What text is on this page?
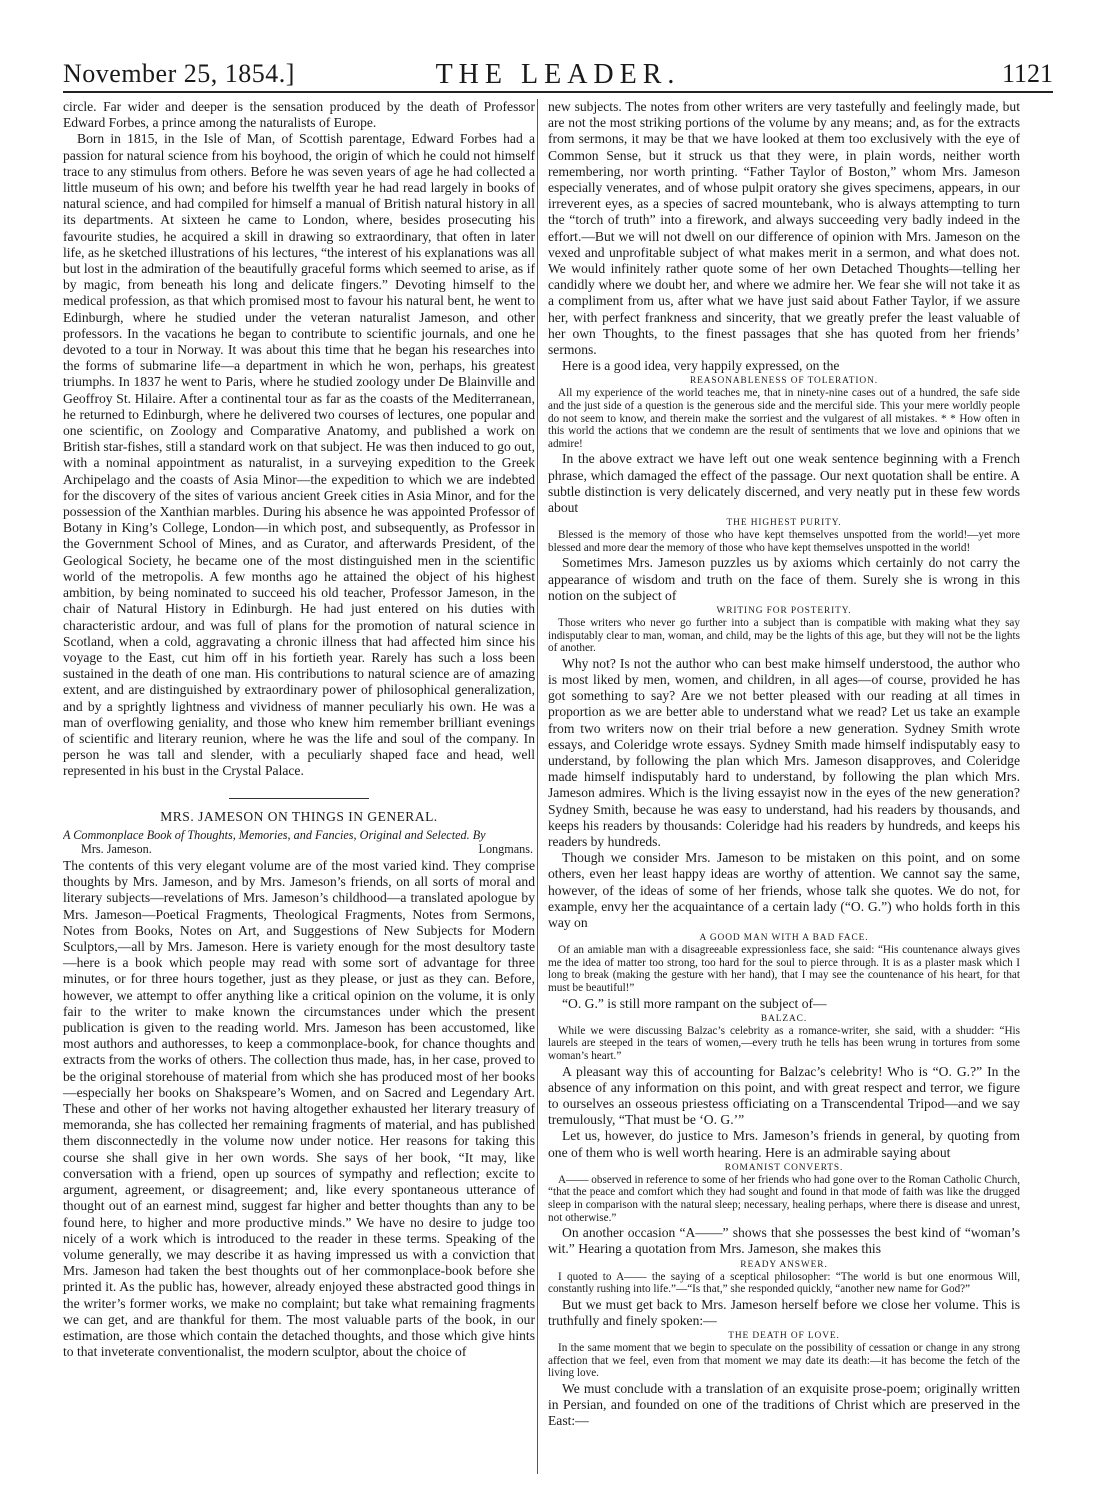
November 25, 1854.]	THE LEADER.	1121

circle. Far wider and deeper is the sensation produced by the death of Professor Edward Forbes, a prince among the naturalists of Europe.

Born in 1815, in the Isle of Man, of Scottish parentage, Edward Forbes had a passion for natural science from his boyhood, the origin of which he could not himself trace to any stimulus from others. Before he was seven years of age he had collected a little museum of his own; and before his twelfth year he had read largely in books of natural science, and had compiled for himself a manual of British natural history in all its departments. At sixteen he came to London, where, besides prosecuting his favourite studies, he acquired a skill in drawing so extraordinary, that often in later life, as he sketched illustrations of his lectures, “the interest of his explanations was all but lost in the admiration of the beautifully graceful forms which seemed to arise, as if by magic, from beneath his long and delicate fingers.” Devoting himself to the medical profession, as that which promised most to favour his natural bent, he went to Edinburgh, where he studied under the veteran naturalist Jameson, and other professors. In the vacations he began to contribute to scientific journals, and one he devoted to a tour in Norway. It was about this time that he began his researches into the forms of submarine life—a department in which he won, perhaps, his greatest triumphs. In 1837 he went to Paris, where he studied zoology under De Blainville and Geoffroy St. Hilaire. After a continental tour as far as the coasts of the Mediterranean, he returned to Edinburgh, where he delivered two courses of lectures, one popular and one scientific, on Zoology and Comparative Anatomy, and published a work on British star-fishes, still a standard work on that subject. He was then induced to go out, with a nominal appointment as naturalist, in a surveying expedition to the Greek Archipelago and the coasts of Asia Minor—the expedition to which we are indebted for the discovery of the sites of various ancient Greek cities in Asia Minor, and for the possession of the Xanthian marbles. During his absence he was appointed Professor of Botany in King’s College, London—in which post, and subsequently, as Professor in the Government School of Mines, and as Curator, and afterwards President, of the Geological Society, he became one of the most distinguished men in the scientific world of the metropolis. A few months ago he attained the object of his highest ambition, by being nominated to succeed his old teacher, Professor Jameson, in the chair of Natural History in Edinburgh. He had just entered on his duties with characteristic ardour, and was full of plans for the promotion of natural science in Scotland, when a cold, aggravating a chronic illness that had affected him since his voyage to the East, cut him off in his fortieth year. Rarely has such a loss been sustained in the death of one man. His contributions to natural science are of amazing extent, and are distinguished by extraordinary power of philosophical generalization, and by a sprightly lightness and vividness of manner peculiarly his own. He was a man of overflowing geniality, and those who knew him remember brilliant evenings of scientific and literary reunion, where he was the life and soul of the company. In person he was tall and slender, with a peculiarly shaped face and head, well represented in his bust in the Crystal Palace.

MRS. JAMESON ON THINGS IN GENERAL.
A Commonplace Book of Thoughts, Memories, and Fancies, Original and Selected. By
Mrs. Jameson.	Longmans.

The contents of this very elegant volume are of the most varied kind. They comprise thoughts by Mrs. Jameson, and by Mrs. Jameson’s friends, on all sorts of moral and literary subjects—revelations of Mrs. Jameson’s childhood—a translated apologue by Mrs. Jameson—Poetical Fragments, Theological Fragments, Notes from Sermons, Notes from Books, Notes on Art, and Suggestions of New Subjects for Modern Sculptors,—all by Mrs. Jameson. Here is variety enough for the most desultory taste—here is a book which people may read with some sort of advantage for three minutes, or for three hours together, just as they please, or just as they can. Before, however, we attempt to offer anything like a critical opinion on the volume, it is only fair to the writer to make known the circumstances under which the present publication is given to the reading world. Mrs. Jameson has been accustomed, like most authors and authoresses, to keep a commonplace-book, for chance thoughts and extracts from the works of others. The collection thus made, has, in her case, proved to be the original storehouse of material from which she has produced most of her books—especially her books on Shakspeare’s Women, and on Sacred and Legendary Art. These and other of her works not having altogether exhausted her literary treasury of memoranda, she has collected her remaining fragments of material, and has published them disconnectedly in the volume now under notice. Her reasons for taking this course she shall give in her own words. She says of her book, “It may, like conversation with a friend, open up sources of sympathy and reflection; excite to argument, agreement, or disagreement; and, like every spontaneous utterance of thought out of an earnest mind, suggest far higher and better thoughts than any to be found here, to higher and more productive minds.” We have no desire to judge too nicely of a work which is introduced to the reader in these terms. Speaking of the volume generally, we may describe it as having impressed us with a conviction that Mrs. Jameson had taken the best thoughts out of her commonplace-book before she printed it. As the public has, however, already enjoyed these abstracted good things in the writer’s former works, we make no complaint; but take what remaining fragments we can get, and are thankful for them. The most valuable parts of the book, in our estimation, are those which contain the detached thoughts, and those which give hints to that inveterate conventionalist, the modern sculptor, about the choice of

new subjects. The notes from other writers are very tastefully and feelingly made, but are not the most striking portions of the volume by any means; and, as for the extracts from sermons, it may be that we have looked at them too exclusively with the eye of Common Sense, but it struck us that they were, in plain words, neither worth remembering, nor worth printing. “Father Taylor of Boston,” whom Mrs. Jameson especially venerates, and of whose pulpit oratory she gives specimens, appears, in our irreverent eyes, as a species of sacred mountebank, who is always attempting to turn the “torch of truth” into a firework, and always succeeding very badly indeed in the effort.—But we will not dwell on our difference of opinion with Mrs. Jameson on the vexed and unprofitable subject of what makes merit in a sermon, and what does not. We would infinitely rather quote some of her own Detached Thoughts—telling her candidly where we doubt her, and where we admire her. We fear she will not take it as a compliment from us, after what we have just said about Father Taylor, if we assure her, with perfect frankness and sincerity, that we greatly prefer the least valuable of her own Thoughts, to the finest passages that she has quoted from her friends’ sermons.

Here is a good idea, very happily expressed, on the

REASONABLENESS OF TOLERATION.

All my experience of the world teaches me, that in ninety-nine cases out of a hundred, the safe side and the just side of a question is the generous side and the merciful side. This your mere worldly people do not seem to know, and therein make the sorriest and the vulgarest of all mistakes. * * How often in this world the actions that we condemn are the result of sentiments that we love and opinions that we admire!

In the above extract we have left out one weak sentence beginning with a French phrase, which damaged the effect of the passage. Our next quotation shall be entire. A subtle distinction is very delicately discerned, and very neatly put in these few words about

THE HIGHEST PURITY.

Blessed is the memory of those who have kept themselves unspotted from the world!—yet more blessed and more dear the memory of those who have kept themselves unspotted in the world!

Sometimes Mrs. Jameson puzzles us by axioms which certainly do not carry the appearance of wisdom and truth on the face of them. Surely she is wrong in this notion on the subject of

WRITING FOR POSTERITY.

Those writers who never go further into a subject than is compatible with making what they say indisputably clear to man, woman, and child, may be the lights of this age, but they will not be the lights of another.

Why not? Is not the author who can best make himself understood, the author who is most liked by men, women, and children, in all ages—of course, provided he has got something to say? Are we not better pleased with our reading at all times in proportion as we are better able to understand what we read? Let us take an example from two writers now on their trial before a new generation. Sydney Smith wrote essays, and Coleridge wrote essays. Sydney Smith made himself indisputably easy to understand, by following the plan which Mrs. Jameson disapproves, and Coleridge made himself indisputably hard to understand, by following the plan which Mrs. Jameson admires. Which is the living essayist now in the eyes of the new generation? Sydney Smith, because he was easy to understand, had his readers by thousands, and keeps his readers by thousands: Coleridge had his readers by hundreds, and keeps his readers by hundreds.

Though we consider Mrs. Jameson to be mistaken on this point, and on some others, even her least happy ideas are worthy of attention. We cannot say the same, however, of the ideas of some of her friends, whose talk she quotes. We do not, for example, envy her the acquaintance of a certain lady (“O. G.”) who holds forth in this way on

A GOOD MAN WITH A BAD FACE.

Of an amiable man with a disagreeable expressionless face, she said: “His countenance always gives me the idea of matter too strong, too hard for the soul to pierce through. It is as a plaster mask which I long to break (making the gesture with her hand), that I may see the countenance of his heart, for that must be beautiful!”

“O. G.” is still more rampant on the subject of—

BALZAC.

While we were discussing Balzac’s celebrity as a romance-writer, she said, with a shudder: “His laurels are steeped in the tears of women,—every truth he tells has been wrung in tortures from some woman’s heart.”

A pleasant way this of accounting for Balzac’s celebrity! Who is “O. G.?” In the absence of any information on this point, and with great respect and terror, we figure to ourselves an osseous priestess officiating on a Transcendental Tripod—and we say tremulously, “That must be ‘O. G.’”

Let us, however, do justice to Mrs. Jameson’s friends in general, by quoting from one of them who is well worth hearing. Here is an admirable saying about

ROMANIST CONVERTS.

A—— observed in reference to some of her friends who had gone over to the Roman Catholic Church, “that the peace and comfort which they had sought and found in that mode of faith was like the drugged sleep in comparison with the natural sleep; necessary, healing perhaps, where there is disease and unrest, not otherwise.”

On another occasion “A——” shows that she possesses the best kind of “woman’s wit.” Hearing a quotation from Mrs. Jameson, she makes this

READY ANSWER.

I quoted to A—— the saying of a sceptical philosopher: “The world is but one enormous Will, constantly rushing into life.”—“Is that,” she responded quickly, “another new name for God?”

But we must get back to Mrs. Jameson herself before we close her volume. This is truthfully and finely spoken:—

THE DEATH OF LOVE.

In the same moment that we begin to speculate on the possibility of cessation or change in any strong affection that we feel, even from that moment we may date its death:—it has become the fetch of the living love.

We must conclude with a translation of an exquisite prose-poem; originally written in Persian, and founded on one of the traditions of Christ which are preserved in the East:—
